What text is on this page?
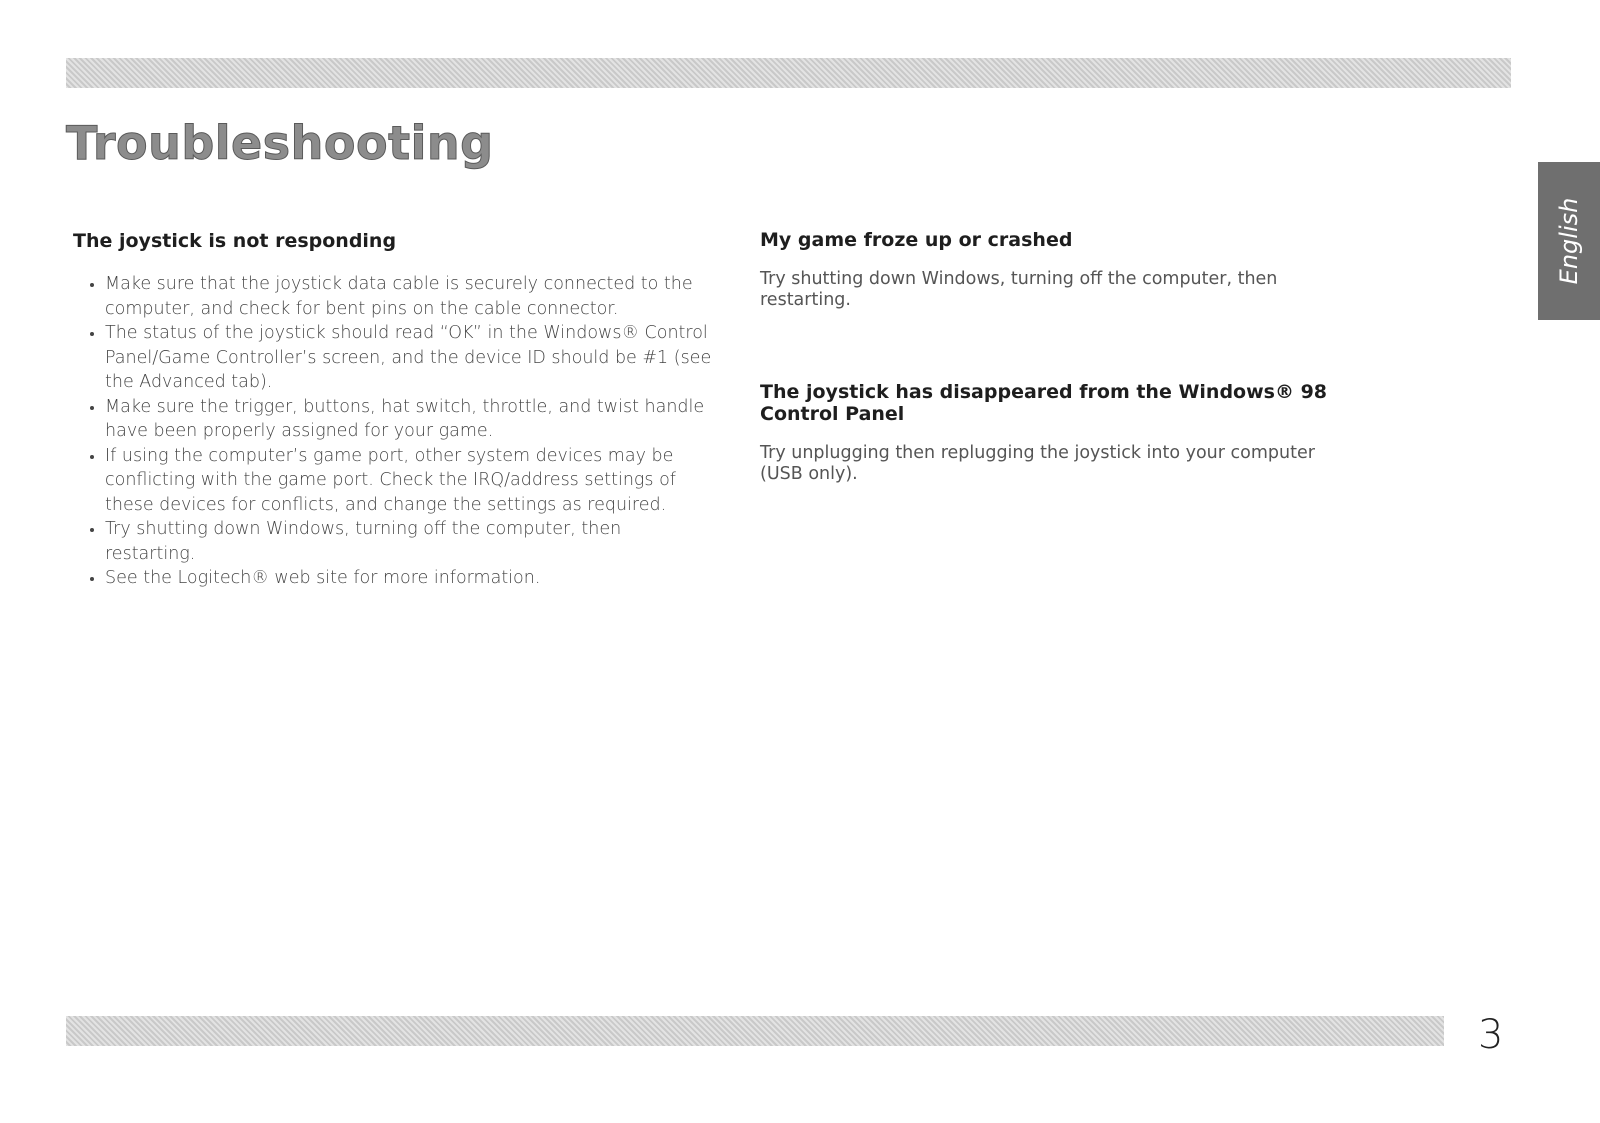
Troubleshooting
English
The joystick is not responding
• Make sure that the joystick data cable is securely connected to the computer, and check for bent pins on the cable connector.
• The status of the joystick should read “OK” in the Windows® Control Panel/Game Controller’s screen, and the device ID should be #1 (see the Advanced tab).
• Make sure the trigger, buttons, hat switch, throttle, and twist handle have been properly assigned for your game.
• If using the computer’s game port, other system devices may be conflicting with the game port. Check the IRQ/address settings of these devices for conflicts, and change the settings as required.
• Try shutting down Windows, turning off the computer, then restarting.
• See the Logitech® web site for more information.
My game froze up or crashed

Try shutting down Windows, turning off the computer, then restarting.

The joystick has disappeared from the Windows® 98 Control Panel

Try unplugging then replugging the joystick into your computer (USB only).

3
